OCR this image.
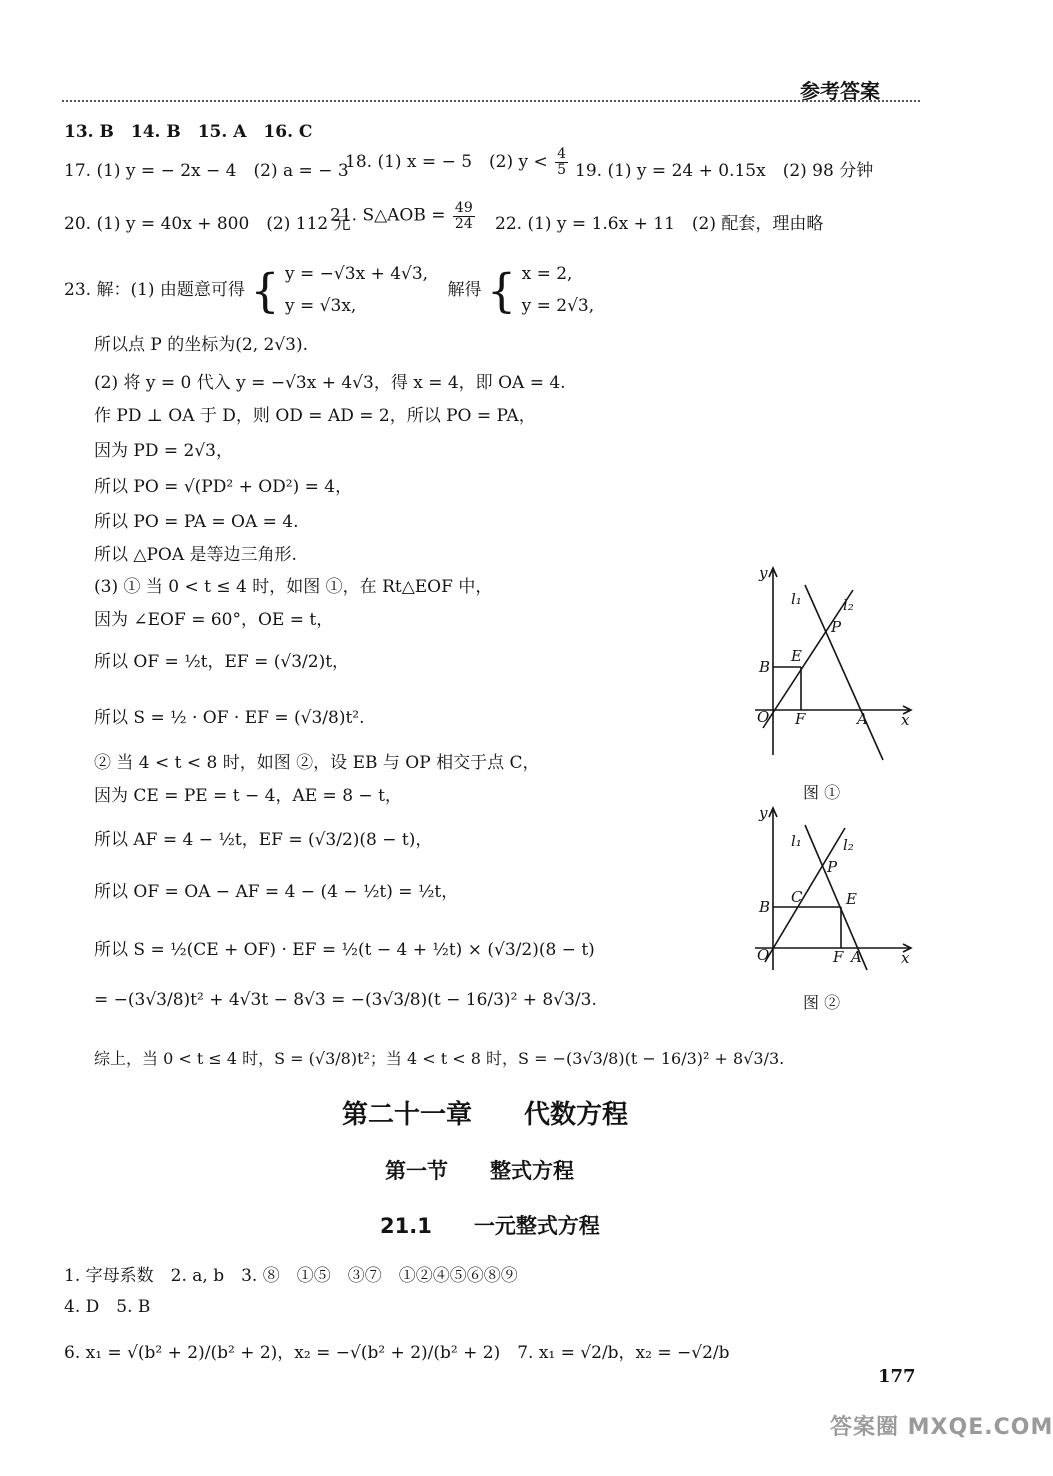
参考答案
13. B　14. B　15. A　16. C
17. (1) y = − 2x − 4　(2) a = − 3
18. (1) x = − 5　(2) $y < \frac{4}{5} 19$. (1) y = 24 + 0.15x　(2) 98 分钟
20. (1) y = 40x + 800　(2) 112 元
21. S△AOB = $\frac{49}{24} 22$. (1) y = 1.6x + 11　(2) 配套，理由略
23. 解：(1) 由题意可得 { y = −√3x + 4√3,
y = √3x,
解得 { x = 2,
y = 2√3,
所以点 P 的坐标为(2, 2√3).
(2) 将 y = 0 代入 y = −√3x + 4√3，得 x = 4，即 OA = 4.
作 PD ⊥ OA 于 D，则 OD = AD = 2，所以 PO = PA，
因为 PD = 2√3，
所以 PO = √(PD² + OD²) = 4，
所以 PO = PA = OA = 4.
所以 △POA 是等边三角形.
(3) ① 当 0 < t ≤ 4 时，如图 ①，在 Rt△EOF 中，
因为 ∠EOF = 60°，OE = t，
所以 OF = ½t，EF = (√3/2)t，
所以 S = ½ · OF · EF = (√3/8)t².
② 当 4 < t < 8 时，如图 ②，设 EB 与 OP 相交于点 C，
因为 CE = PE = t − 4，AE = 8 − t，
所以 AF = 4 − ½t，EF = (√3/2)(8 − t)，
所以 OF = OA − AF = 4 − (4 − ½t) = ½t，
所以 S = ½(CE + OF) · EF = ½(t − 4 + ½t) × (√3/2)(8 − t)
= −(3√3/8)t² + 4√3t − 8√3 = −(3√3/8)(t − 16/3)² + 8√3/3.
综上，当 0 < t ≤ 4 时，S = (√3/8)t²；当 4 < t < 8 时，S = −(3√3/8)(t − 16/3)² + 8√3/3.
y
x
l₁	l₂
P
E
B
O F	A
图 ①
y
x
l₁	l₂
P
C	E
B
O	F A
图 ②
第二十一章　　代数方程
第一节　　整式方程
21.1　　一元整式方程
1. 字母系数　2. a, b　3. ⑧　①⑤　③⑦　①②④⑤⑥⑧⑨
4. D　5. B
6. x₁ = √(b² + 2)/(b² + 2)，x₂ = −√(b² + 2)/(b² + 2)　7. x₁ = √2/b，x₂ = −√2/b
177
答案圈 MXQE.COM
